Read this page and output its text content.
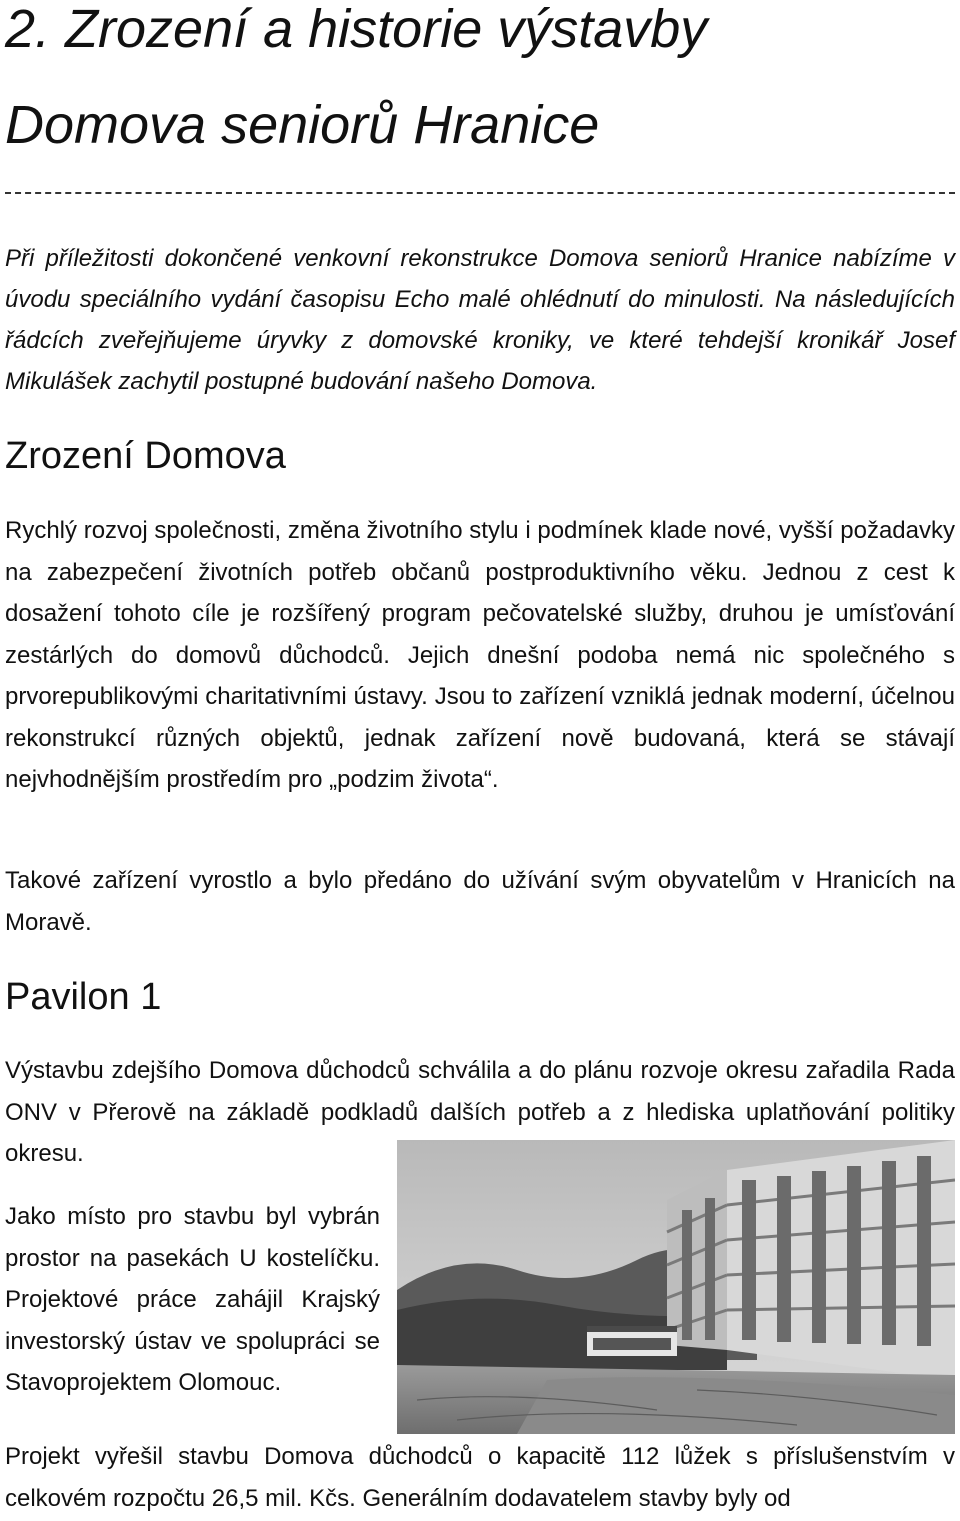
2. Zrození a historie výstavby
Domova seniorů Hranice

Při příležitosti dokončené venkovní rekonstrukce Domova seniorů Hranice nabízíme v úvodu speciálního vydání časopisu Echo malé ohlédnutí do minulosti. Na následujících řádcích zveřejňujeme úryvky z domovské kroniky, ve které tehdejší kronikář Josef Mikulášek zachytil postupné budování našeho Domova.

Zrození Domova

Rychlý rozvoj společnosti, změna životního stylu i podmínek klade nové, vyšší požadavky na zabezpečení životních potřeb občanů postproduktivního věku. Jednou z cest k dosažení tohoto cíle je rozšířený program pečovatelské služby, druhou je umísťování zestárlých do domovů důchodců. Jejich dnešní podoba nemá nic společného s prvorepublikovými charitativními ústavy. Jsou to zařízení vzniklá jednak moderní, účelnou rekonstrukcí různých objektů, jednak zařízení nově budovaná, která se stávají nejvhodnějším prostředím pro „podzim života“.

Takové zařízení vyrostlo a bylo předáno do užívání svým obyvatelům v Hranicích na Moravě.

Pavilon 1

Výstavbu zdejšího Domova důchodců schválila a do plánu rozvoje okresu zařadila Rada ONV v Přerově na základě podkladů dalších potřeb a z hlediska uplatňování politiky okresu.

Jako místo pro stavbu byl vybrán prostor na pasekách U kostelíčku. Projektové práce zahájil Krajský investorský ústav ve spolupráci se Stavoprojektem Olomouc.

Projekt vyřešil stavbu Domova důchodců o kapacitě 112 lůžek s příslušenstvím v celkovém rozpočtu 26,5 mil. Kčs. Generálním dodavatelem stavby byly od
